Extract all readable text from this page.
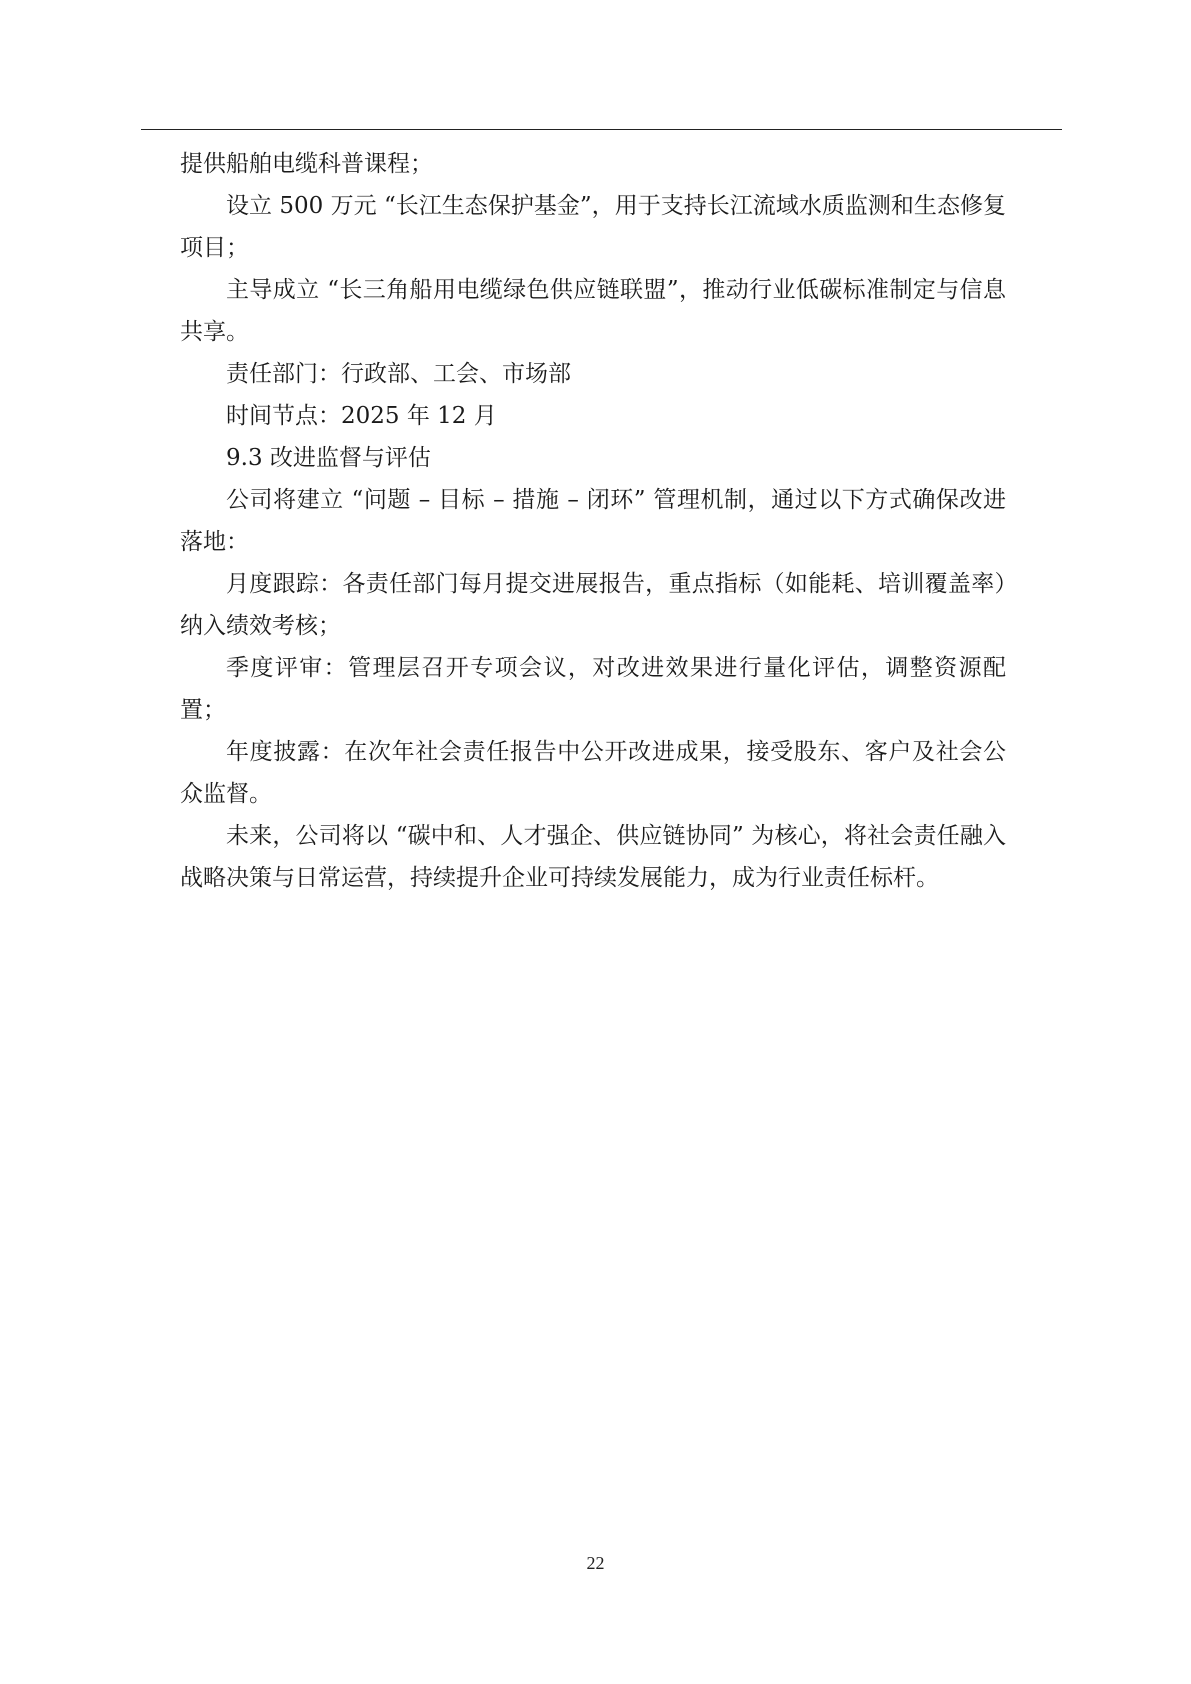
提供船舶电缆科普课程；

设立 500 万元 “长江生态保护基金”，用于支持长江流域水质监测和生态修复项目；

主导成立 “长三角船用电缆绿色供应链联盟”，推动行业低碳标准制定与信息共享。

责任部门：行政部、工会、市场部

时间节点：2025 年 12 月

9.3 改进监督与评估

公司将建立 “问题 – 目标 – 措施 – 闭环” 管理机制，通过以下方式确保改进落地：

月度跟踪：各责任部门每月提交进展报告，重点指标（如能耗、培训覆盖率）纳入绩效考核；

季度评审：管理层召开专项会议，对改进效果进行量化评估，调整资源配置；

年度披露：在次年社会责任报告中公开改进成果，接受股东、客户及社会公众监督。

未来，公司将以 “碳中和、人才强企、供应链协同” 为核心，将社会责任融入战略决策与日常运营，持续提升企业可持续发展能力，成为行业责任标杆。

22
